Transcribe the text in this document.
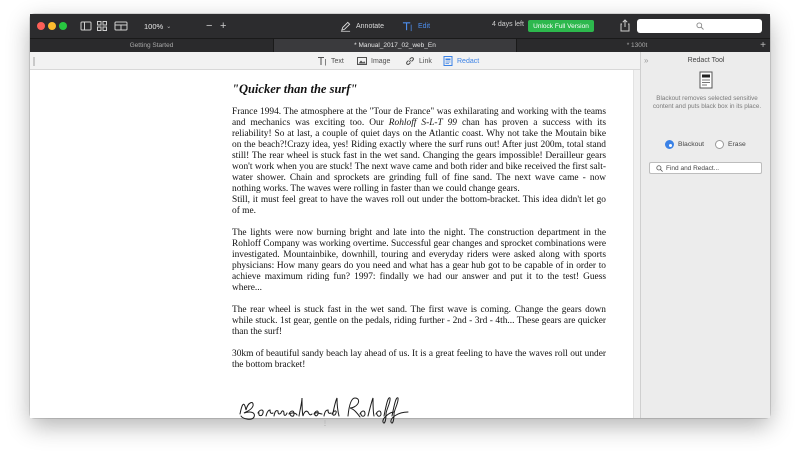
100% ⌄	− +	Annotate	Edit	4 days left	Unlock Full Version
Getting Started	* Manual_2017_02_web_En	* 1300t	+
Text	Image	Link	Redact
"Quicker than the surf"

France 1994. The atmosphere at the "Tour de France" was exhilarating and working with the teams and mechanics was exciting too. Our Rohloff S-L-T 99 chan has proven a success with its reliability! So at last, a couple of quiet days on the Atlantic coast. Why not take the Moutain bike on the beach?!Crazy idea, yes! Riding exactly where the surf runs out! After just 200m, total stand still! The rear wheel is stuck fast in the wet sand. Changing the gears impossible! Derailleur gears won't work when you are stuck! The next wave came and both rider and bike received the first salt-water shower. Chain and sprockets are grinding full of fine sand. The next wave came - now nothing works. The waves were rolling in faster than we could change gears.

Still, it must feel great to have the waves roll out under the bottom-bracket. This idea didn't let go of me.

The lights were now burning bright and late into the night. The construction department in the Rohloff Company was working overtime. Successful gear changes and sprocket combinations were investigated. Mountainbike, downhill, touring and everyday riders were asked along with sports physicians: How many gears do you need and what has a gear hub got to be capable of in order to achieve maximum riding fun? 1997: findally we had our answer and put it to the test! Guess where...

The rear wheel is stuck fast in the wet sand. The first wave is coming. Change the gears down while stuck. 1st gear, gentle on the pedals, riding further - 2nd - 3rd - 4th... These gears are quicker than the surf!

30km of beautiful sandy beach lay ahead of us. It is a great feeling to have the waves roll out under the bottom bracket!

⋮
»	Redact Tool
Blackout removes selected sensitive content and puts black box in its place.
Blackout	Erase
Find and Redact...
